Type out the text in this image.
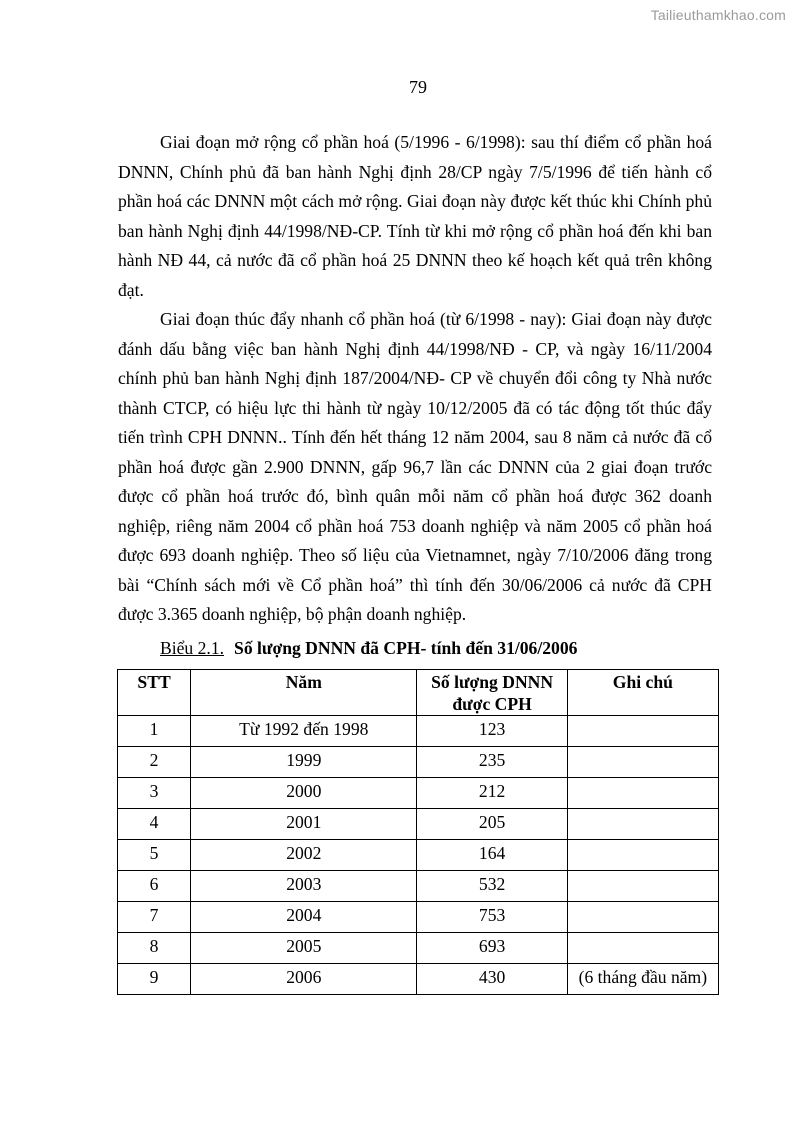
Tailieuthamkhao.com
79

Giai đoạn mở rộng cổ phần hoá (5/1996 - 6/1998): sau thí điểm cổ phần hoá DNNN, Chính phủ đã ban hành Nghị định 28/CP ngày 7/5/1996 để tiến hành cổ phần hoá các DNNN một cách mở rộng. Giai đoạn này được kết thúc khi Chính phủ ban hành Nghị định 44/1998/NĐ-CP. Tính từ khi mở rộng cổ phần hoá đến khi ban hành NĐ 44, cả nước đã cổ phần hoá 25 DNNN theo kế hoạch kết quả trên không đạt.

Giai đoạn thúc đẩy nhanh cổ phần hoá (từ 6/1998 - nay): Giai đoạn này được đánh dấu bằng việc ban hành Nghị định 44/1998/NĐ - CP, và ngày 16/11/2004 chính phủ ban hành Nghị định 187/2004/NĐ- CP về chuyển đổi công ty Nhà nước thành CTCP, có hiệu lực thi hành từ ngày 10/12/2005 đã có tác động tốt thúc đẩy tiến trình CPH DNNN.. Tính đến hết tháng 12 năm 2004, sau 8 năm cả nước đã cổ phần hoá được gần 2.900 DNNN, gấp 96,7 lần các DNNN của 2 giai đoạn trước được cổ phần hoá trước đó, bình quân mỗi năm cổ phần hoá được 362 doanh nghiệp, riêng năm 2004 cổ phần hoá 753 doanh nghiệp và năm 2005 cổ phần hoá được 693 doanh nghiệp. Theo số liệu của Vietnamnet, ngày 7/10/2006 đăng trong bài “Chính sách mới về Cổ phần hoá” thì tính đến 30/06/2006 cả nước đã CPH được 3.365 doanh nghiệp, bộ phận doanh nghiệp.

Biểu 2.1. Số lượng DNNN đã CPH- tính đến 31/06/2006
STT	Năm	Số lượng DNNN được CPH	Ghi chú
1	Từ 1992 đến 1998	123	
2	1999	235	
3	2000	212	
4	2001	205	
5	2002	164	
6	2003	532	
7	2004	753	
8	2005	693	
9	2006	430	(6 tháng đầu năm)
